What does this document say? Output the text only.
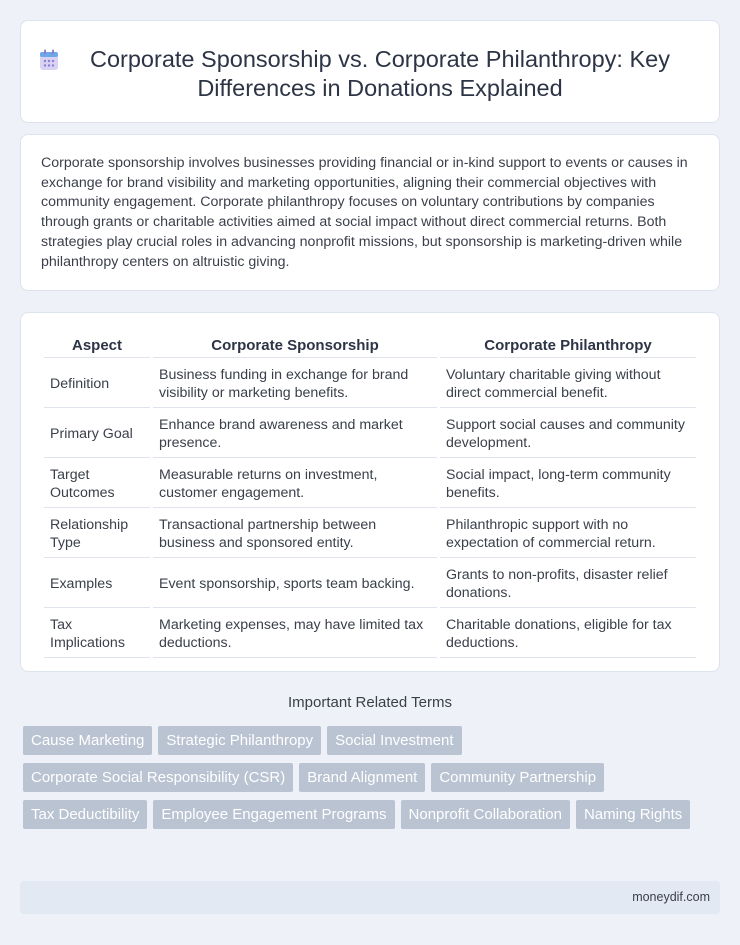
Corporate Sponsorship vs. Corporate Philanthropy: Key Differences in Donations Explained

Corporate sponsorship involves businesses providing financial or in-kind support to events or causes in exchange for brand visibility and marketing opportunities, aligning their commercial objectives with community engagement. Corporate philanthropy focuses on voluntary contributions by companies through grants or charitable activities aimed at social impact without direct commercial returns. Both strategies play crucial roles in advancing nonprofit missions, but sponsorship is marketing-driven while philanthropy centers on altruistic giving.

Aspect	Corporate Sponsorship	Corporate Philanthropy
Definition	Business funding in exchange for brand visibility or marketing benefits.	Voluntary charitable giving without direct commercial benefit.
Primary Goal	Enhance brand awareness and market presence.	Support social causes and community development.
Target Outcomes	Measurable returns on investment, customer engagement.	Social impact, long-term community benefits.
Relationship Type	Transactional partnership between business and sponsored entity.	Philanthropic support with no expectation of commercial return.
Examples	Event sponsorship, sports team backing.	Grants to non-profits, disaster relief donations.
Tax Implications	Marketing expenses, may have limited tax deductions.	Charitable donations, eligible for tax deductions.
Important Related Terms
Cause Marketing	Strategic Philanthropy	Social Investment
Corporate Social Responsibility (CSR)	Brand Alignment	Community Partnership
Tax Deductibility	Employee Engagement Programs	Nonprofit Collaboration	Naming Rights
moneydif.com
